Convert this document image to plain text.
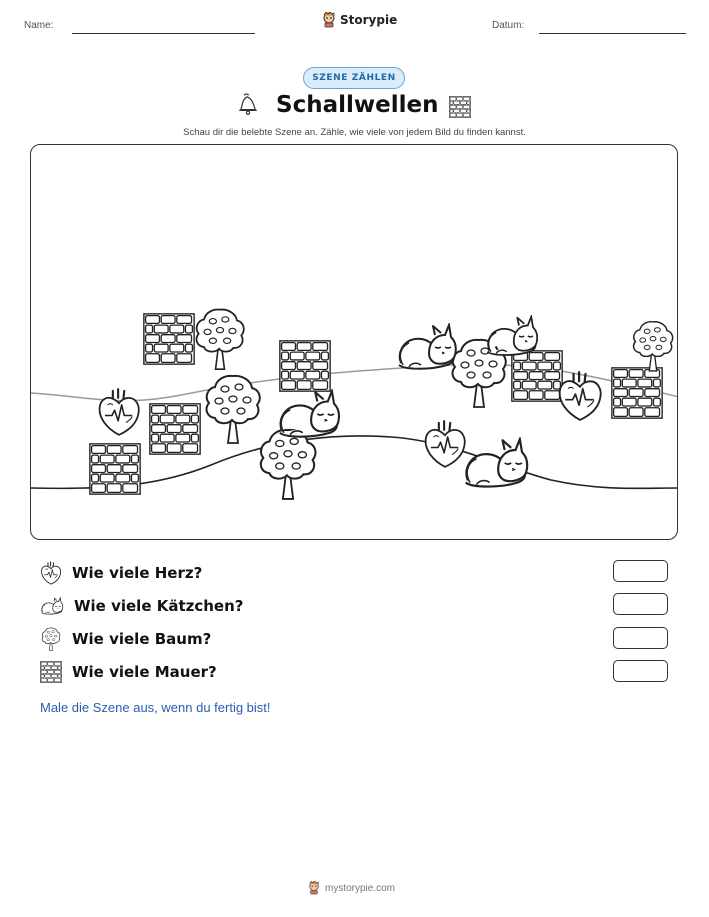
Name:	Storypie	Datum:
SZENE ZÄHLEN
Schallwellen
Schau dir die belebte Szene an. Zähle, wie viele von jedem Bild du finden kannst.
Wie viele Herz?
Wie viele Kätzchen?
Wie viele Baum?
Wie viele Mauer?
Male die Szene aus, wenn du fertig bist!
mystorypie.com
